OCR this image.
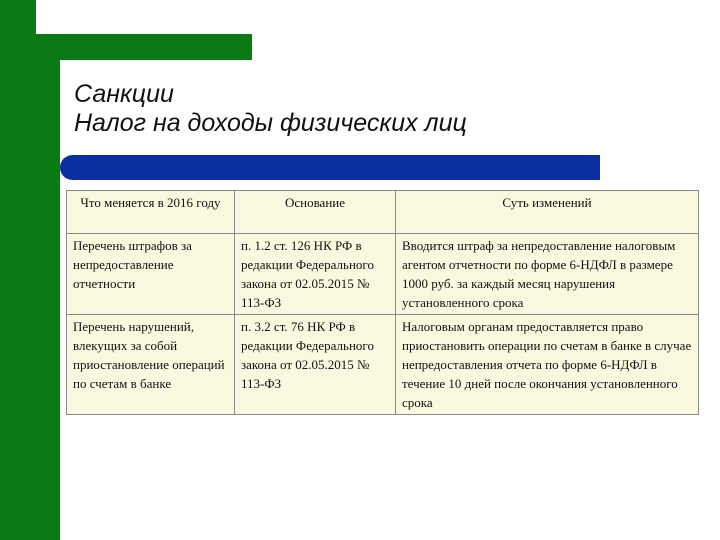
Санкции
Налог на доходы физических лиц
Что меняется в 2016 году	Основание	Суть изменений
Перечень штрафов за непредоставление отчетности	п. 1.2 ст. 126 НК РФ в редакции Федерального закона от 02.05.2015 № 113-ФЗ	Вводится штраф за непредоставление налоговым агентом отчетности по форме 6-НДФЛ в размере 1000 руб. за каждый месяц нарушения установленного срока
Перечень нарушений, влекущих за собой приостановление операций по счетам в банке	п. 3.2 ст. 76 НК РФ в редакции Федерального закона от 02.05.2015 № 113-ФЗ	Налоговым органам предоставляется право приостановить операции по счетам в банке в случае непредоставления отчета по форме 6-НДФЛ в течение 10 дней после окончания установленного срока
